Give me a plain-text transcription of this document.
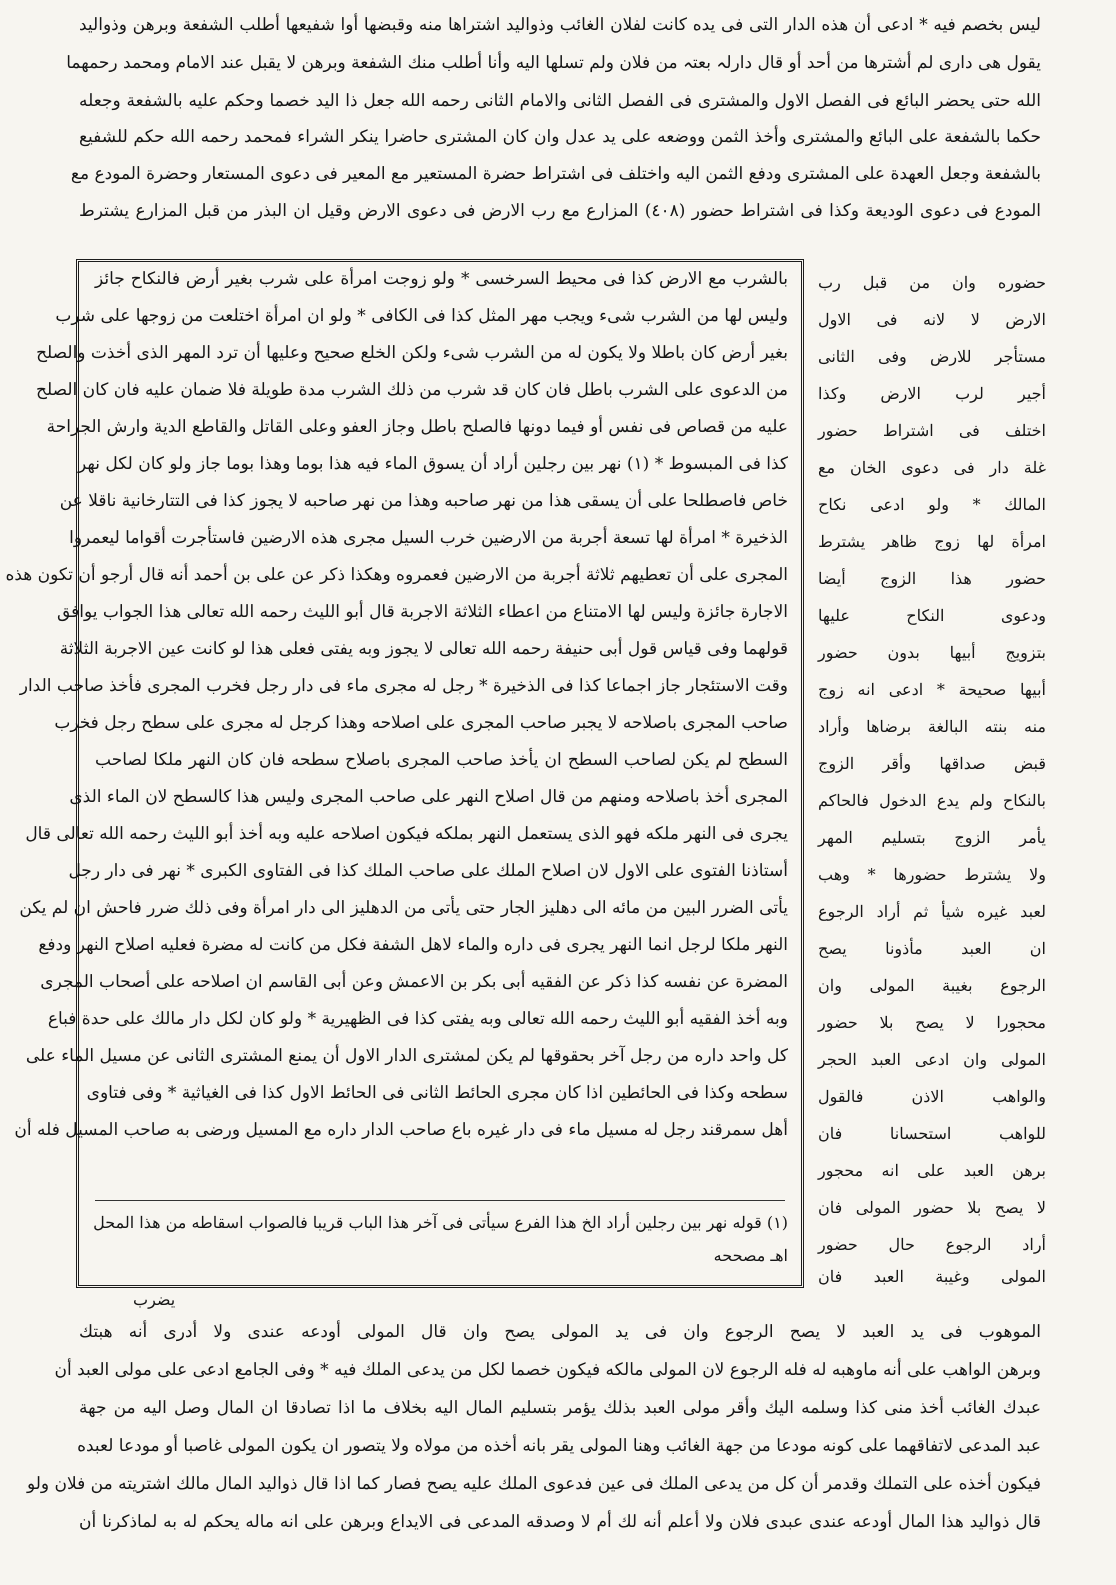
لیس بخصم فیه * ادعی أن هذه الدار التی فی یده کانت لفلان الغائب وذوالید اشتراها منه وقبضها أوا شفیعها أطلب الشفعة وبرهن وذوالید
یقول هی داری لم أشترها من أحد أو قال دارلہ بعتہ من فلان ولم تسلها الیه وأنا أطلب منك الشفعة وبرهن لا یقبل عند الامام ومحمد رحمهما
الله حتی یحضر البائع فی الفصل الاول والمشتری فی الفصل الثانی والامام الثانی رحمه الله جعل ذا الید خصما وحکم علیه بالشفعة وجعله
حکما بالشفعة علی البائع والمشتری وأخذ الثمن ووضعه علی ید عدل وان کان المشتری حاضرا ینکر الشراء فمحمد رحمه الله حکم للشفیع
بالشفعة وجعل العهدة علی المشتری ودفع الثمن الیه واختلف فی اشتراط حضرة المستعیر مع المعیر فی دعوی المستعار وحضرة المودع مع
المودع فی دعوی الودیعة وکذا فی اشتراط حضور (٤٠٨) المزارع مع رب الارض فی دعوی الارض وقیل ان البذر من قبل المزارع یشترط
بالشرب مع الارض کذا فی محیط السرخسی * ولو زوجت امرأة علی شرب بغیر أرض فالنکاح جائز
ولیس لها من الشرب شیء ویجب مهر المثل کذا فی الکافی * ولو ان امرأة اختلعت من زوجها علی شرب
بغیر أرض کان باطلا ولا یکون له من الشرب شیء ولکن الخلع صحیح وعلیها أن ترد المهر الذی أخذت والصلح
من الدعوی علی الشرب باطل فان کان قد شرب من ذلك الشرب مدة طویلة فلا ضمان علیه فان کان الصلح
علیه من قصاص فی نفس أو فیما دونها فالصلح باطل وجاز العفو وعلی القاتل والقاطع الدیة وارش الجراحة
کذا فی المبسوط * (١) نهر بین رجلین أراد أن یسوق الماء فیه هذا بوما وهذا بوما جاز ولو کان لکل نهر
خاص فاصطلحا علی أن یسقی هذا من نهر صاحبه وهذا من نهر صاحبه لا یجوز کذا فی التتارخانیة ناقلا عن
الذخیرة * امرأة لها تسعة أجربة من الارضین خرب السیل مجری هذه الارضین فاستأجرت أقواما لیعمروا
المجری علی أن تعطیهم ثلاثة أجربة من الارضین فعمروه وهکذا ذکر عن علی بن أحمد أنه قال أرجو أن تکون هذه
الاجارة جائزة ولیس لها الامتناع من اعطاء الثلاثة الاجربة قال أبو اللیث رحمه الله تعالی هذا الجواب یوافق
قولهما وفی قیاس قول أبی حنیفة رحمه الله تعالی لا یجوز وبه یفتی فعلی هذا لو کانت عین الاجربة الثلاثة
وقت الاستئجار جاز اجماعا کذا فی الذخیرة * رجل له مجری ماء فی دار رجل فخرب المجری فأخذ صاحب الدار
صاحب المجری باصلاحه لا یجبر صاحب المجری علی اصلاحه وهذا کرجل له مجری علی سطح رجل فخرب
السطح لم یکن لصاحب السطح ان یأخذ صاحب المجری باصلاح سطحه فان کان النهر ملکا لصاحب
المجری أخذ باصلاحه ومنهم من قال اصلاح النهر علی صاحب المجری ولیس هذا کالسطح لان الماء الذی
یجری فی النهر ملکه فهو الذی یستعمل النهر بملکه فیکون اصلاحه علیه وبه أخذ أبو اللیث رحمه الله تعالی قال
أستاذنا الفتوی علی الاول لان اصلاح الملك علی صاحب الملك کذا فی الفتاوی الکبری * نهر فی دار رجل
یأتی الضرر البین من مائه الی دهلیز الجار حتی یأتی من الدهلیز الی دار امرأة وفی ذلك ضرر فاحش ان لم یکن
النهر ملکا لرجل انما النهر یجری فی داره والماء لاهل الشفة فکل من کانت له مضرة فعلیه اصلاح النهر ودفع
المضرة عن نفسه کذا ذکر عن الفقیه أبی بکر بن الاعمش وعن أبی القاسم ان اصلاحه علی أصحاب المجری
وبه أخذ الفقیه أبو اللیث رحمه الله تعالی وبه یفتی کذا فی الظهیریة * ولو کان لکل دار مالك علی حدة فباع
کل واحد داره من رجل آخر بحقوقها لم یکن لمشتری الدار الاول أن یمنع المشتری الثانی عن مسیل الماء علی
سطحه وکذا فی الحائطین اذا کان مجری الحائط الثانی فی الحائط الاول کذا فی الغیاثیة * وفی فتاوی
أهل سمرقند رجل له مسیل ماء فی دار غیره باع صاحب الدار داره مع المسیل ورضی به صاحب المسیل فله أن
(١) قوله نهر بین رجلین أراد الخ هذا الفرع سیأتی فی آخر هذا الباب قریبا فالصواب اسقاطه من هذا المحل
اهـ مصححه
حضوره وان من قبل رب
الارض لا لانه فی الاول
مستأجر للارض وفی الثانی
أجیر لرب الارض وکذا
اختلف فی اشتراط حضور
غلة دار فی دعوی الخان مع
المالك * ولو ادعی نکاح
امرأة لها زوج ظاهر یشترط
حضور هذا الزوج أیضا
ودعوی النکاح علیها
بتزویج أبیها بدون حضور
أبیها صحیحة * ادعی انه زوج
منه بنته البالغة برضاها وأراد
قبض صداقها وأقر الزوج
بالنکاح ولم یدع الدخول فالحاکم
یأمر الزوج بتسلیم المهر
ولا یشترط حضورها * وهب
لعبد غیره شیأ ثم أراد الرجوع
ان العبد مأذونا یصح
الرجوع بغیبة المولی وان
محجورا لا یصح بلا حضور
المولی وان ادعی العبد الحجر
والواهب الاذن فالقول
للواهب استحسانا فان
برهن العبد علی انه محجور
لا یصح بلا حضور المولی فان
أراد الرجوع حال حضور
المولی وغیبة العبد فان
یضرب
الموهوب فی ید العبد لا یصح الرجوع وان فی ید المولی یصح وان قال المولی أودعه عندی ولا أدری أنه هبتك
وبرهن الواهب علی أنه ماوهبه له فله الرجوع لان المولی مالکه فیکون خصما لکل من یدعی الملك فیه * وفی الجامع ادعی علی مولی العبد أن
عبدك الغائب أخذ منی کذا وسلمه الیك وأقر مولی العبد بذلك یؤمر بتسلیم المال الیه بخلاف ما اذا تصادقا ان المال وصل الیه من جهة
عبد المدعی لاتفاقهما علی کونه مودعا من جهة الغائب وهنا المولی یقر بانه أخذه من مولاه ولا یتصور ان یکون المولی غاصبا أو مودعا لعبده
فیکون أخذه علی التملك وقدمر أن کل من یدعی الملك فی عین فدعوی الملك علیه یصح فصار کما اذا قال ذوالید المال مالك اشتریته من فلان ولو
قال ذوالید هذا المال أودعه عندی عبدی فلان ولا أعلم أنه لك أم لا وصدقه المدعی فی الایداع وبرهن علی انه ماله یحکم له به لماذکرنا أن
